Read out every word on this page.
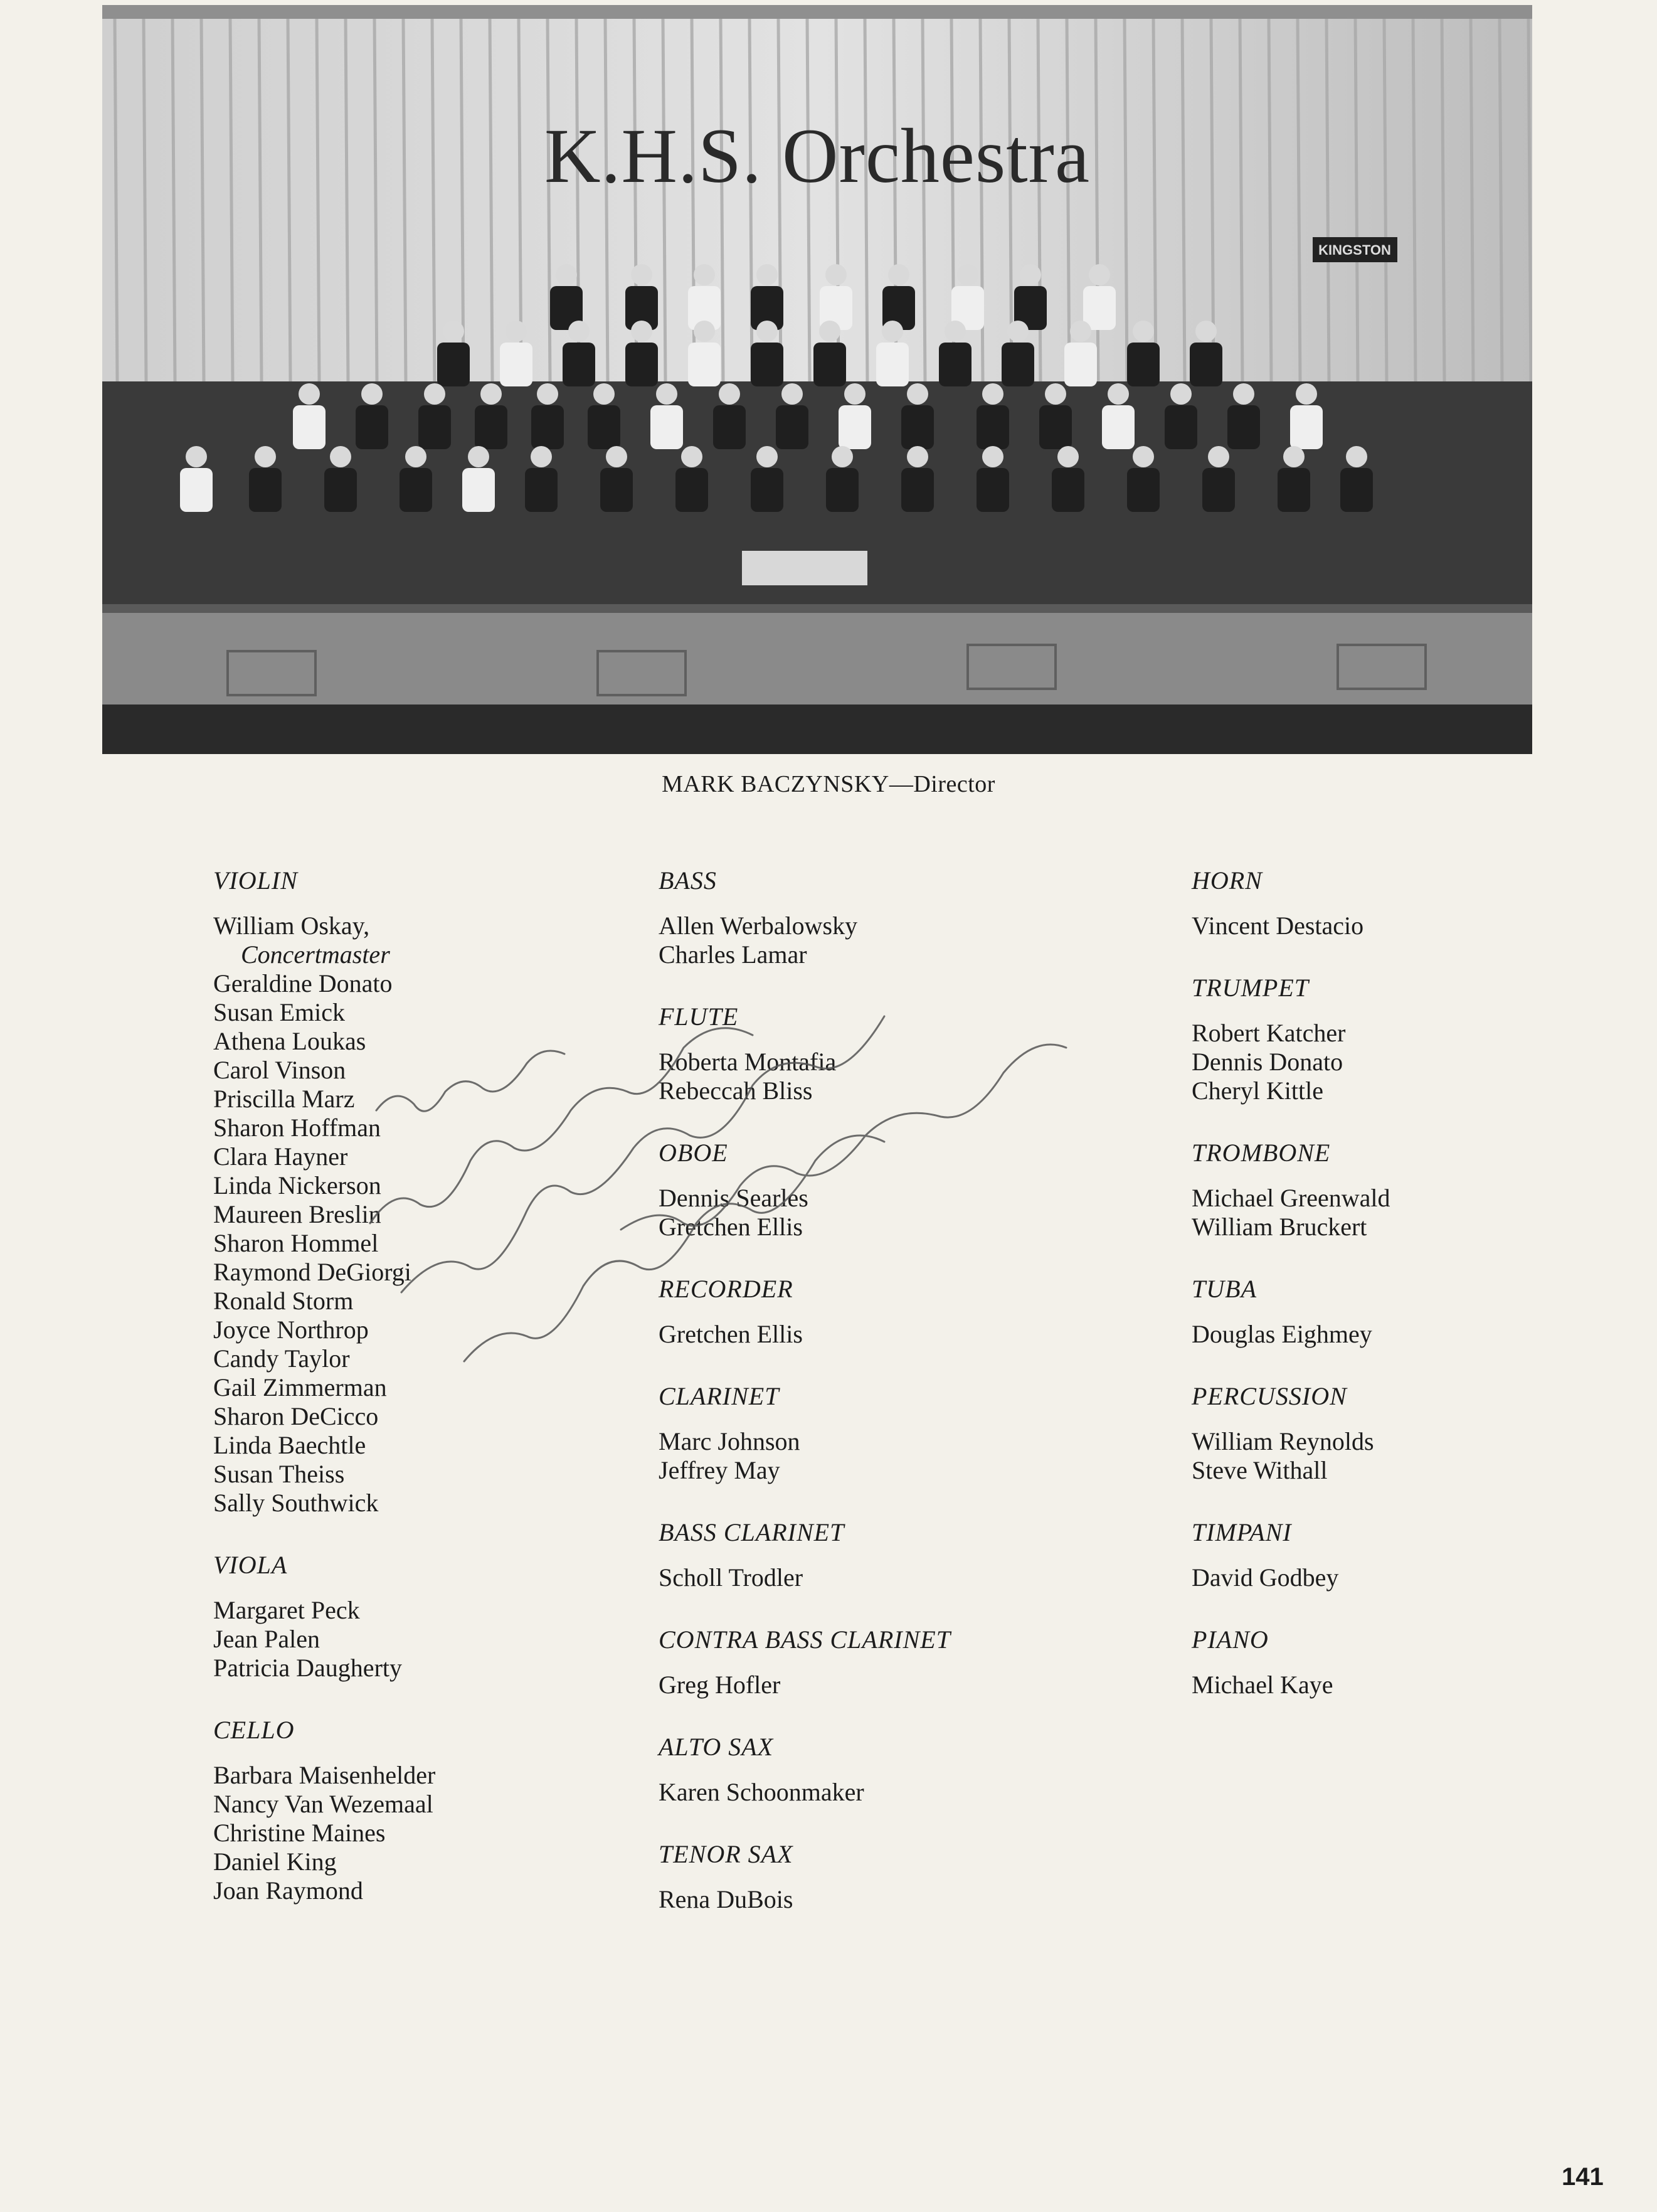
KINGSTON
K.H.S. Orchestra
MARK BACZYNSKY—Director
VIOLIN
William Oskay,
Concertmaster
Geraldine Donato
Susan Emick
Athena Loukas
Carol Vinson
Priscilla Marz
Sharon Hoffman
Clara Hayner
Linda Nickerson
Maureen Breslin
Sharon Hommel
Raymond DeGiorgi
Ronald Storm
Joyce Northrop
Candy Taylor
Gail Zimmerman
Sharon DeCicco
Linda Baechtle
Susan Theiss
Sally Southwick
VIOLA
Margaret Peck
Jean Palen
Patricia Daugherty
CELLO
Barbara Maisenhelder
Nancy Van Wezemaal
Christine Maines
Daniel King
Joan Raymond
BASS
Allen Werbalowsky
Charles Lamar
FLUTE
Roberta Montafia
Rebeccah Bliss
OBOE
Dennis Searles
Gretchen Ellis
RECORDER
Gretchen Ellis
CLARINET
Marc Johnson
Jeffrey May
BASS CLARINET
Scholl Trodler
CONTRA BASS CLARINET
Greg Hofler
ALTO SAX
Karen Schoonmaker
TENOR SAX
Rena DuBois
HORN
Vincent Destacio
TRUMPET
Robert Katcher
Dennis Donato
Cheryl Kittle
TROMBONE
Michael Greenwald
William Bruckert
TUBA
Douglas Eighmey
PERCUSSION
William Reynolds
Steve Withall
TIMPANI
David Godbey
PIANO
Michael Kaye
141
